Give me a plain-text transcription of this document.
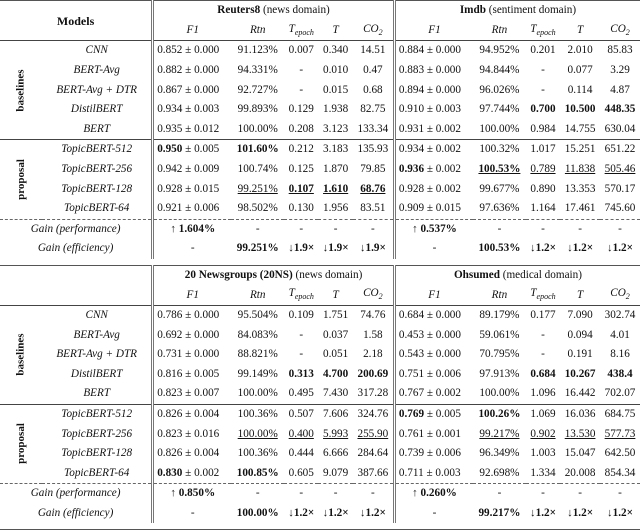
Models		Reuters8 (news domain)					Imdb (sentiment domain)				
		F1	Rtn	$T_{epoch}$	T	$CO_2$	F1	Rtn	$T_{epoch}$	T	$CO_2$
baselines	CNN	0.852 ± 0.000	91.123%	0.007	0.340	14.51	0.884 ± 0.000	94.952%	0.201	2.010	85.83
	BERT-Avg	0.882 ± 0.000	94.331%	-	0.010	0.47	0.883 ± 0.000	94.844%	-	0.077	3.29
	BERT-Avg + DTR	0.867 ± 0.000	92.727%	-	0.015	0.68	0.894 ± 0.000	96.026%	-	0.114	4.87
	DistilBERT	0.934 ± 0.003	99.893%	0.129	1.938	82.75	0.910 ± 0.003	97.744%	0.700	10.500	448.35
	BERT	0.935 ± 0.012	100.00%	0.208	3.123	133.34	0.931 ± 0.002	100.00%	0.984	14.755	630.04
proposal	TopicBERT-512	0.950 ± 0.005	101.60%	0.212	3.183	135.93	0.934 ± 0.002	100.32%	1.017	15.251	651.22
	TopicBERT-256	0.942 ± 0.009	100.74%	0.125	1.870	79.85	0.936 ± 0.002	100.53%	0.789	11.838	505.46
	TopicBERT-128	0.928 ± 0.015	99.251%	0.107	1.610	68.76	0.928 ± 0.002	99.677%	0.890	13.353	570.17
	TopicBERT-64	0.921 ± 0.006	98.502%	0.130	1.956	83.51	0.909 ± 0.015	97.636%	1.164	17.461	745.60
Gain (performance)		↑ 1.604%	-	-	-	-	↑ 0.537%	-	-	-	-
Gain (efficiency)		-	99.251%	↓1.9×	↓1.9×	↓1.9×	-	100.53%	↓1.2×	↓1.2×	↓1.2×

		20 Newsgroups (20NS) (news domain)					Ohsumed (medical domain)				
		F1	Rtn	$T_{epoch}$	T	$CO_2$	F1	Rtn	$T_{epoch}$	T	$CO_2$
baselines	CNN	0.786 ± 0.000	95.504%	0.109	1.751	74.76	0.684 ± 0.000	89.179%	0.177	7.090	302.74
	BERT-Avg	0.692 ± 0.000	84.083%	-	0.037	1.58	0.453 ± 0.000	59.061%	-	0.094	4.01
	BERT-Avg + DTR	0.731 ± 0.000	88.821%	-	0.051	2.18	0.543 ± 0.000	70.795%	-	0.191	8.16
	DistilBERT	0.816 ± 0.005	99.149%	0.313	4.700	200.69	0.751 ± 0.006	97.913%	0.684	10.267	438.4
	BERT	0.823 ± 0.007	100.00%	0.495	7.430	317.28	0.767 ± 0.002	100.00%	1.096	16.442	702.07
proposal	TopicBERT-512	0.826 ± 0.004	100.36%	0.507	7.606	324.76	0.769 ± 0.005	100.26%	1.069	16.036	684.75
	TopicBERT-256	0.823 ± 0.016	100.00%	0.400	5.993	255.90	0.761 ± 0.001	99.217%	0.902	13.530	577.73
	TopicBERT-128	0.826 ± 0.004	100.36%	0.444	6.666	284.64	0.739 ± 0.006	96.349%	1.003	15.047	642.50
	TopicBERT-64	0.830 ± 0.002	100.85%	0.605	9.079	387.66	0.711 ± 0.003	92.698%	1.334	20.008	854.34
Gain (performance)		↑ 0.850%	-	-	-	-	↑ 0.260%	-	-	-	-
Gain (efficiency)		-	100.00%	↓1.2×	↓1.2×	↓1.2×	-	99.217%	↓1.2×	↓1.2×	↓1.2×
